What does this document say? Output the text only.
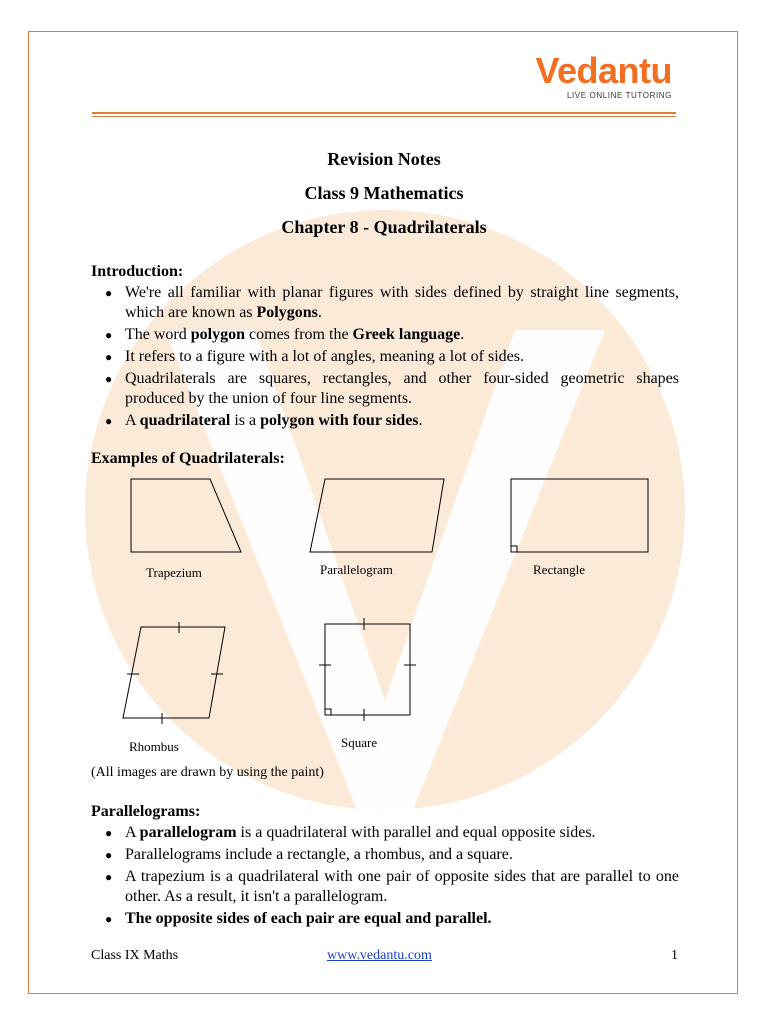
Vedantu
LIVE ONLINE TUTORING
Revision Notes
Class 9 Mathematics
Chapter 8 - Quadrilaterals
Introduction:
● We're all familiar with planar figures with sides defined by straight line segments, which are known as Polygons.
● The word polygon comes from the Greek language.
● It refers to a figure with a lot of angles, meaning a lot of sides.
● Quadrilaterals are squares, rectangles, and other four-sided geometric shapes produced by the union of four line segments.
● A quadrilateral is a polygon with four sides.
Examples of Quadrilaterals:
Trapezium	Parallelogram	Rectangle
Rhombus	Square
(All images are drawn by using the paint)
Parallelograms:
● A parallelogram is a quadrilateral with parallel and equal opposite sides.
● Parallelograms include a rectangle, a rhombus, and a square.
● A trapezium is a quadrilateral with one pair of opposite sides that are parallel to one other. As a result, it isn't a parallelogram.
● The opposite sides of each pair are equal and parallel.
Class IX Maths	www.vedantu.com	1
